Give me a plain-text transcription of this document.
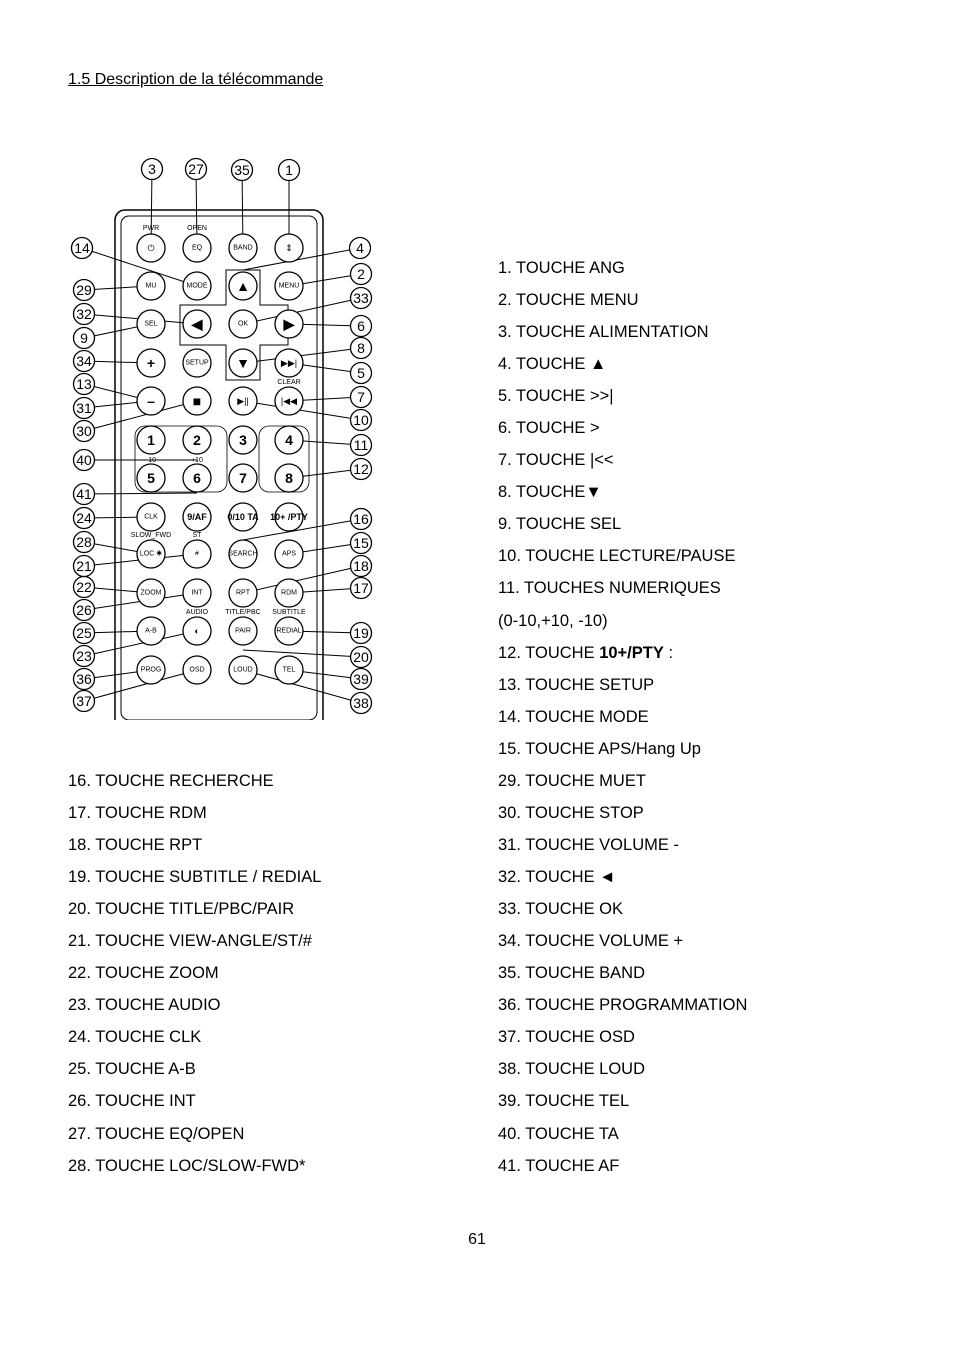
1.5 Description de la télécommande
PWR	OPEN
CLEAR
-10	+10
SLOW_FWD	ST
AUDIO TITLE/PBC SUBTITLE
⏻	EQ	BAND	⇕
MU	MODE ▲	MENU
SEL ◀	OK	▶
+	SETUP ▼	▶▶|
–	■	▶||	|◀◀
1	2	3	4
5	6	7	8
CLK	9/AF 0/10 TA 10+ /PTY
LOC ✱	#	SEARCH	APS
ZOOM	INT	RPT	RDM
A-B	◐	PAIR	REDIAL
PROG	OSD	LOUD	TEL
3 27 35	1
14
29
32
9
34
13
31
30
40
41
24
28
21
22
26
25
23
36
37
4
2
33
6
8
5
7
10
11
12
16
15
18
17
19
20
39
38
1. TOUCHE ANG
2. TOUCHE MENU
3. TOUCHE ALIMENTATION
4. TOUCHE ▲
5. TOUCHE >>|
6. TOUCHE >
7. TOUCHE |<<
8. TOUCHE▼
9. TOUCHE SEL
10. TOUCHE LECTURE/PAUSE
11. TOUCHES NUMERIQUES
(0-10,+10, -10)
12. TOUCHE 10+/PTY :
13. TOUCHE SETUP
14. TOUCHE MODE
15. TOUCHE APS/Hang Up
16. TOUCHE RECHERCHE
17. TOUCHE RDM
18. TOUCHE RPT
19. TOUCHE SUBTITLE / REDIAL
20. TOUCHE TITLE/PBC/PAIR
21. TOUCHE VIEW-ANGLE/ST/#
22. TOUCHE ZOOM
23. TOUCHE AUDIO
24. TOUCHE CLK
25. TOUCHE A-B
26. TOUCHE INT
27. TOUCHE EQ/OPEN
28. TOUCHE LOC/SLOW-FWD*
29. TOUCHE MUET
30. TOUCHE STOP
31. TOUCHE VOLUME -
32. TOUCHE ◄
33. TOUCHE OK
34. TOUCHE VOLUME +
35. TOUCHE BAND
36. TOUCHE PROGRAMMATION
37. TOUCHE OSD
38. TOUCHE LOUD
39. TOUCHE TEL
40. TOUCHE TA
41. TOUCHE AF
61
